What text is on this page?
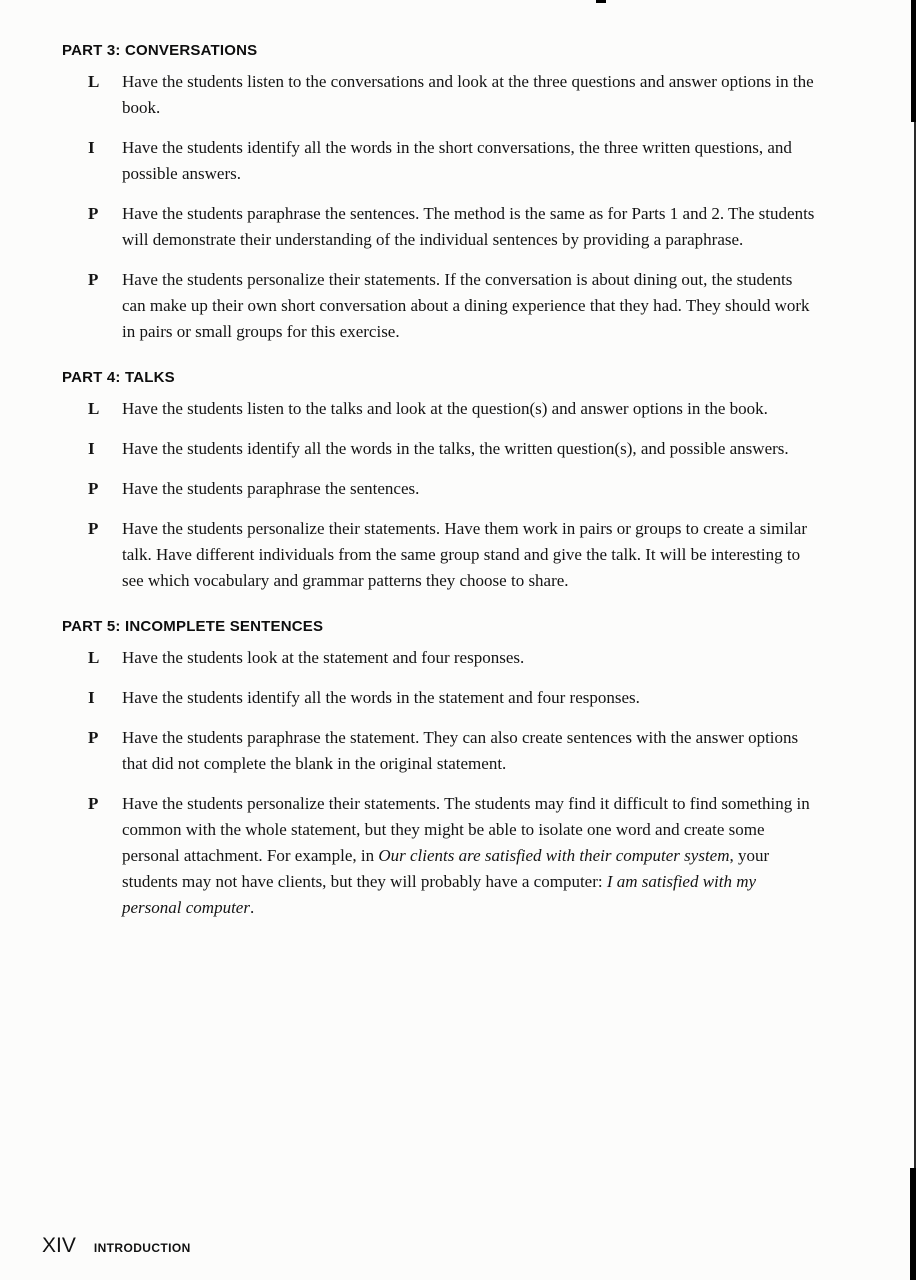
PART 3: CONVERSATIONS
L	Have the students listen to the conversations and look at the three questions and answer options in the book.

I	Have the students identify all the words in the short conversations, the three written questions, and possible answers.

P	Have the students paraphrase the sentences. The method is the same as for Parts 1 and 2. The students will demonstrate their understanding of the individual sentences by providing a paraphrase.

P	Have the students personalize their statements. If the conversation is about dining out, the students can make up their own short conversation about a dining experience that they had. They should work in pairs or small groups for this exercise.

PART 4: TALKS
L	Have the students listen to the talks and look at the question(s) and answer options in the book.

I	Have the students identify all the words in the talks, the written question(s), and possible answers.

P	Have the students paraphrase the sentences.

P	Have the students personalize their statements. Have them work in pairs or groups to create a similar talk. Have different individuals from the same group stand and give the talk. It will be interesting to see which vocabulary and grammar patterns they choose to share.

PART 5: INCOMPLETE SENTENCES
L	Have the students look at the statement and four responses.

I	Have the students identify all the words in the statement and four responses.

P	Have the students paraphrase the statement. They can also create sentences with the answer options that did not complete the blank in the original statement.

P	Have the students personalize their statements. The students may find it difficult to find something in common with the whole statement, but they might be able to isolate one word and create some personal attachment. For example, in Our clients are satisfied with their computer system, your students may not have clients, but they will probably have a computer: I am satisfied with my personal computer.

XIV INTRODUCTION
